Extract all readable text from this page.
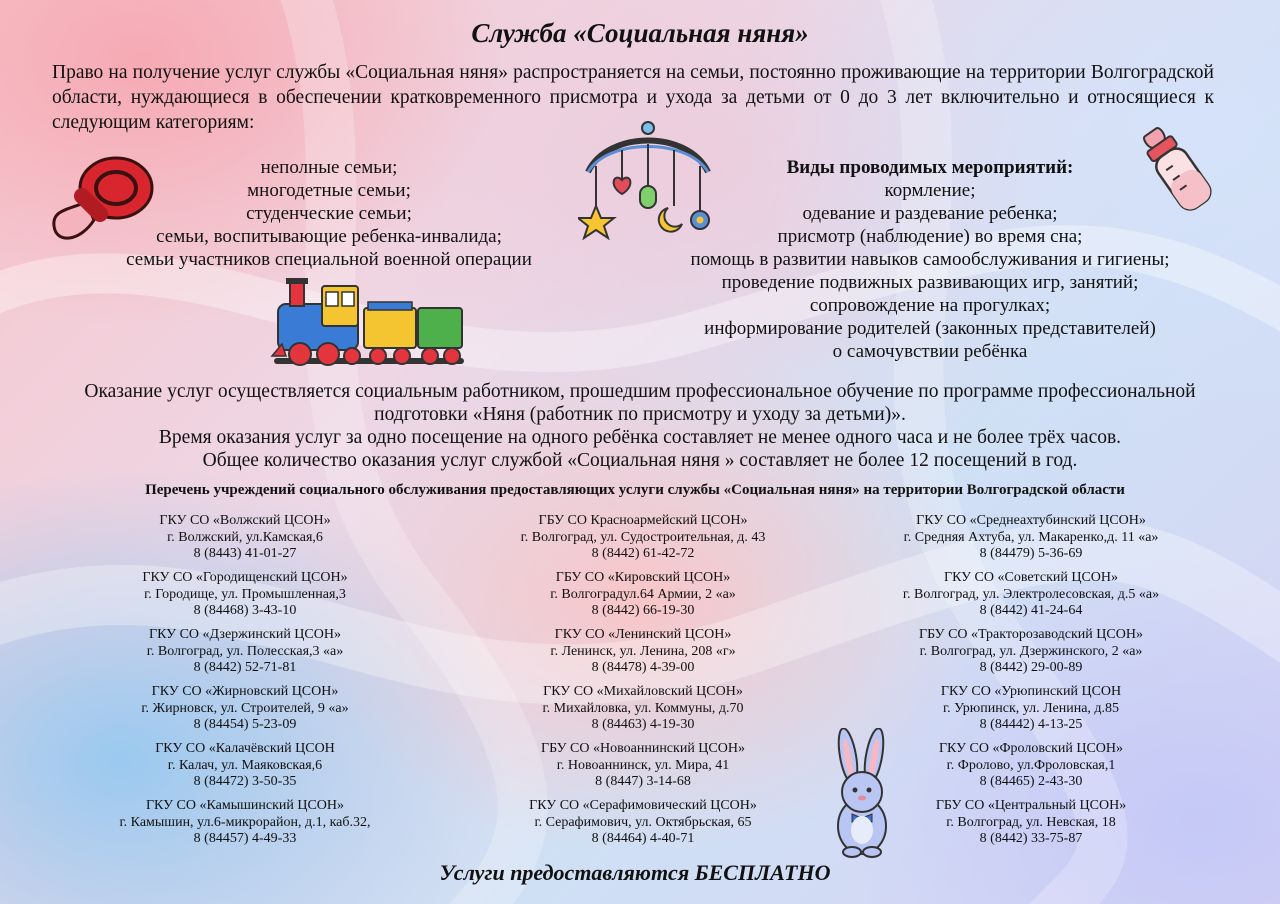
Служба «Социальная няня»
Право на получение услуг службы «Социальная няня» распространяется на семьи, постоянно проживающие на территории Волгоградской области, нуждающиеся в обеспечении кратковременного присмотра и ухода за детьми от 0 до 3 лет включительно и относящиеся к следующим категориям:
неполные семьи;
многодетные семьи;
студенческие семьи;
семьи, воспитывающие ребенка-инвалида;
семьи участников специальной военной операции
Виды проводимых мероприятий:
кормление;
одевание и раздевание ребенка;
присмотр (наблюдение) во время сна;
помощь в развитии навыков самообслуживания и гигиены;
проведение подвижных развивающих игр, занятий;
сопровождение на прогулках;
информирование родителей (законных представителей)
о самочувствии ребёнка
Оказание услуг осуществляется социальным работником, прошедшим профессиональное обучение по программе профессиональной
подготовки «Няня (работник по присмотру и уходу за детьми)».
Время оказания услуг за одно посещение на одного ребёнка составляет не менее одного часа и не более трёх часов.
Общее количество оказания услуг службой «Социальная няня » составляет не более 12 посещений в год.
Перечень учреждений социального обслуживания предоставляющих услуги службы «Социальная няня» на территории Волгоградской области
ГКУ СО «Волжский ЦСОН»
г. Волжский, ул.Камская,6
8 (8443) 41-01-27
ГКУ СО «Городищенский ЦСОН»
г. Городище, ул. Промышленная,3
8 (84468) 3-43-10
ГКУ СО «Дзержинский ЦСОН»
г. Волгоград, ул. Полесская,3 «а»
8 (8442) 52-71-81
ГКУ СО «Жирновский ЦСОН»
г. Жирновск, ул. Строителей, 9 «а»
8 (84454) 5-23-09
ГКУ СО «Калачёвский ЦСОН
г. Калач, ул. Маяковская,6
8 (84472) 3-50-35
ГКУ СО «Камышинский ЦСОН»
г. Камышин, ул.6-микрорайон, д.1, каб.32,
8 (84457) 4-49-33
ГБУ СО Красноармейский ЦСОН»
г. Волгоград, ул. Судостроительная, д. 43
8 (8442) 61-42-72
ГБУ СО «Кировский ЦСОН»
г. Волгоградул.64 Армии, 2 «а»
8 (8442) 66-19-30
ГКУ СО «Ленинский ЦСОН»
г. Ленинск, ул. Ленина, 208 «г»
8 (84478) 4-39-00
ГКУ СО «Михайловский ЦСОН»
г. Михайловка, ул. Коммуны, д.70
8 (84463) 4-19-30
ГБУ СО «Новоаннинский ЦСОН»
г. Новоаннинск, ул. Мира, 41
8 (8447) 3-14-68
ГКУ СО «Серафимовический ЦСОН»
г. Серафимович, ул. Октябрьская, 65
8 (84464) 4-40-71
ГКУ СО «Среднеахтубинский ЦСОН»
г. Средняя Ахтуба, ул. Макаренко,д. 11 «а»
8 (84479) 5-36-69
ГКУ СО «Советский ЦСОН»
г. Волгоград, ул. Электролесовская, д.5 «а»
8 (8442) 41-24-64
ГБУ СО «Тракторозаводский ЦСОН»
г. Волгоград, ул. Дзержинского, 2 «а»
8 (8442) 29-00-89
ГКУ СО «Урюпинский ЦСОН
г. Урюпинск, ул. Ленина, д.85
8 (84442) 4-13-25
ГКУ СО «Фроловский ЦСОН»
г. Фролово, ул.Фроловская,1
8 (84465) 2-43-30
ГБУ СО «Центральный ЦСОН»
г. Волгоград, ул. Невская, 18
8 (8442) 33-75-87
Услуги предоставляются БЕСПЛАТНО
